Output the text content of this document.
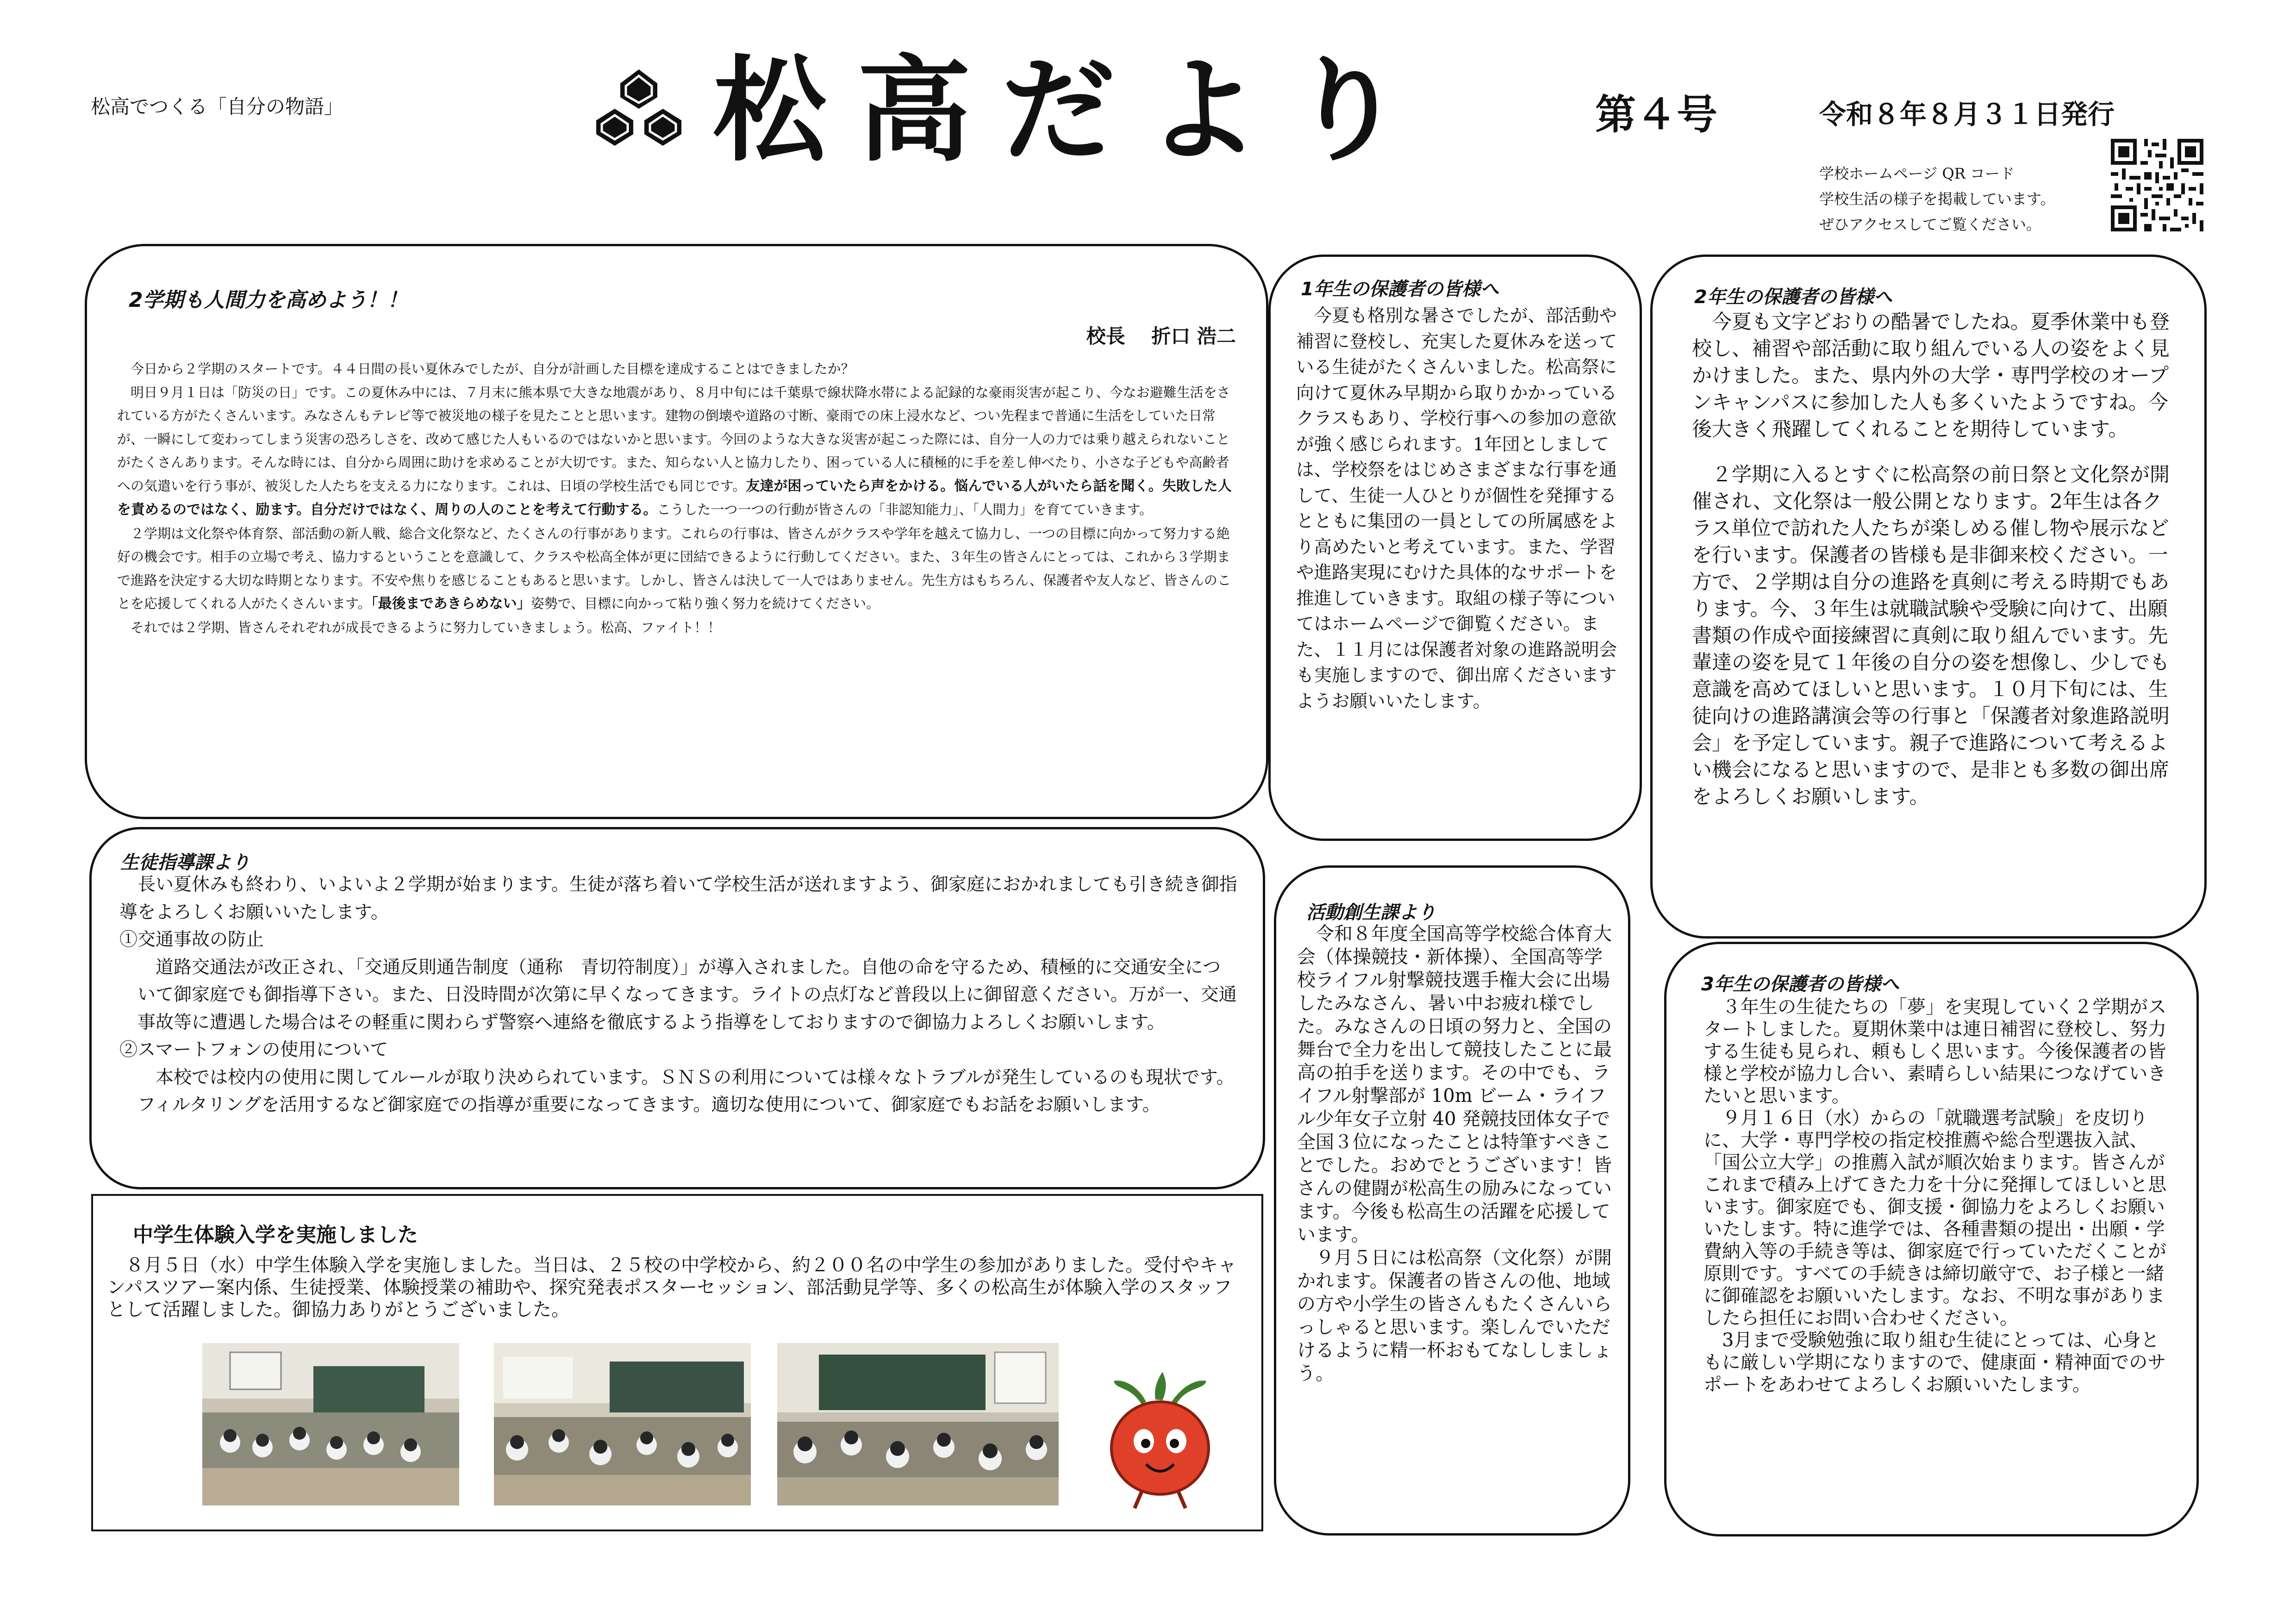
松高でつくる「自分の物語」	松 高 だ よ り	第４号	令和８年８月３１日発行
学校ホームページ QR コード
学校生活の様子を掲載しています。
ぜひアクセスしてご覧ください。
2学期も人間力を高めよう！！
校長　 折口 浩二

今日から２学期のスタートです。４４日間の長い夏休みでしたが、自分が計画した目標を達成することはできましたか？

明日９月１日は「防災の日」です。この夏休み中には、７月末に熊本県で大きな地震があり、８月中旬には千葉県で線状降水帯による記録的な豪雨災害が起こり、今なお避難生活をされている方がたくさんいます。みなさんもテレビ等で被災地の様子を見たことと思います。建物の倒壊や道路の寸断、豪雨での床上浸水など、つい先程まで普通に生活をしていた日常が、一瞬にして変わってしまう災害の恐ろしさを、改めて感じた人もいるのではないかと思います。今回のような大きな災害が起こった際には、自分一人の力では乗り越えられないことがたくさんあります。そんな時には、自分から周囲に助けを求めることが大切です。また、知らない人と協力したり、困っている人に積極的に手を差し伸べたり、小さな子どもや高齢者への気遣いを行う事が、被災した人たちを支える力になります。これは、日頃の学校生活でも同じです。友達が困っていたら声をかける。悩んでいる人がいたら話を聞く。失敗した人を責めるのではなく、励ます。自分だけではなく、周りの人のことを考えて行動する。こうした一つ一つの行動が皆さんの「非認知能力」、「人間力」を育てていきます。

２学期は文化祭や体育祭、部活動の新人戦、総合文化祭など、たくさんの行事があります。これらの行事は、皆さんがクラスや学年を越えて協力し、一つの目標に向かって努力する絶好の機会です。相手の立場で考え、協力するということを意識して、クラスや松高全体が更に団結できるように行動してください。また、３年生の皆さんにとっては、これから３学期まで進路を決定する大切な時期となります。不安や焦りを感じることもあると思います。しかし、皆さんは決して一人ではありません。先生方はもちろん、保護者や友人など、皆さんのことを応援してくれる人がたくさんいます。「最後まであきらめない」姿勢で、目標に向かって粘り強く努力を続けてください。

それでは２学期、皆さんそれぞれが成長できるように努力していきましょう。松高、ファイト！！

生徒指導課より

長い夏休みも終わり、いよいよ２学期が始まります。生徒が落ち着いて学校生活が送れますよう、御家庭におかれましても引き続き御指導をよろしくお願いいたします。

①交通事故の防止

道路交通法が改正され、「交通反則通告制度（通称　青切符制度）」が導入されました。自他の命を守るため、積極的に交通安全について御家庭でも御指導下さい。また、日没時間が次第に早くなってきます。ライトの点灯など普段以上に御留意ください。万が一、交通事故等に遭遇した場合はその軽重に関わらず警察へ連絡を徹底するよう指導をしておりますので御協力よろしくお願いします。

②スマートフォンの使用について

本校では校内の使用に関してルールが取り決められています。ＳＮＳの利用については様々なトラブルが発生しているのも現状です。フィルタリングを活用するなど御家庭での指導が重要になってきます。適切な使用について、御家庭でもお話をお願いします。

中学生体験入学を実施しました

８月５日（水）中学生体験入学を実施しました。当日は、２５校の中学校から、約２００名の中学生の参加がありました。受付やキャンパスツアー案内係、生徒授業、体験授業の補助や、探究発表ポスターセッション、部活動見学等、多くの松高生が体験入学のスタッフとして活躍しました。御協力ありがとうございました。

1年生の保護者の皆様へ

今夏も格別な暑さでしたが、部活動や補習に登校し、充実した夏休みを送っている生徒がたくさんいました。松高祭に向けて夏休み早期から取りかかっているクラスもあり、学校行事への参加の意欲が強く感じられます。1年団としましては、学校祭をはじめさまざまな行事を通して、生徒一人ひとりが個性を発揮するとともに集団の一員としての所属感をより高めたいと考えています。また、学習や進路実現にむけた具体的なサポートを推進していきます。取組の様子等についてはホームページで御覧ください。また、１１月には保護者対象の進路説明会も実施しますので、御出席くださいますようお願いいたします。

活動創生課より

令和８年度全国高等学校総合体育大会（体操競技・新体操）、全国高等学校ライフル射撃競技選手権大会に出場したみなさん、暑い中お疲れ様でした。みなさんの日頃の努力と、全国の舞台で全力を出して競技したことに最高の拍手を送ります。その中でも、ライフル射撃部が 10m ビーム・ライフル少年女子立射 40 発競技団体女子で全国３位になったことは特筆すべきことでした。おめでとうございます！皆さんの健闘が松高生の励みになっています。今後も松高生の活躍を応援しています。

９月５日には松高祭（文化祭）が開かれます。保護者の皆さんの他、地域の方や小学生の皆さんもたくさんいらっしゃると思います。楽しんでいただけるように精一杯おもてなししましょう。

2年生の保護者の皆様へ

今夏も文字どおりの酷暑でしたね。夏季休業中も登校し、補習や部活動に取り組んでいる人の姿をよく見かけました。また、県内外の大学・専門学校のオープンキャンパスに参加した人も多くいたようですね。今後大きく飛躍してくれることを期待しています。

２学期に入るとすぐに松高祭の前日祭と文化祭が開催され、文化祭は一般公開となります。2年生は各クラス単位で訪れた人たちが楽しめる催し物や展示などを行います。保護者の皆様も是非御来校ください。一方で、２学期は自分の進路を真剣に考える時期でもあります。今、３年生は就職試験や受験に向けて、出願書類の作成や面接練習に真剣に取り組んでいます。先輩達の姿を見て１年後の自分の姿を想像し、少しでも意識を高めてほしいと思います。１０月下旬には、生徒向けの進路講演会等の行事と「保護者対象進路説明会」を予定しています。親子で進路について考えるよい機会になると思いますので、是非とも多数の御出席をよろしくお願いします。

3年生の保護者の皆様へ

３年生の生徒たちの「夢」を実現していく２学期がスタートしました。夏期休業中は連日補習に登校し、努力する生徒も見られ、頼もしく思います。今後保護者の皆様と学校が協力し合い、素晴らしい結果につなげていきたいと思います。

９月１６日（水）からの「就職選考試験」を皮切りに、大学・専門学校の指定校推薦や総合型選抜入試、「国公立大学」の推薦入試が順次始まります。皆さんがこれまで積み上げてきた力を十分に発揮してほしいと思います。御家庭でも、御支援・御協力をよろしくお願いいたします。特に進学では、各種書類の提出・出願・学費納入等の手続き等は、御家庭で行っていただくことが原則です。すべての手続きは締切厳守で、お子様と一緒に御確認をお願いいたします。なお、不明な事がありましたら担任にお問い合わせください。

3月まで受験勉強に取り組む生徒にとっては、心身ともに厳しい学期になりますので、健康面・精神面でのサポートをあわせてよろしくお願いいたします。
